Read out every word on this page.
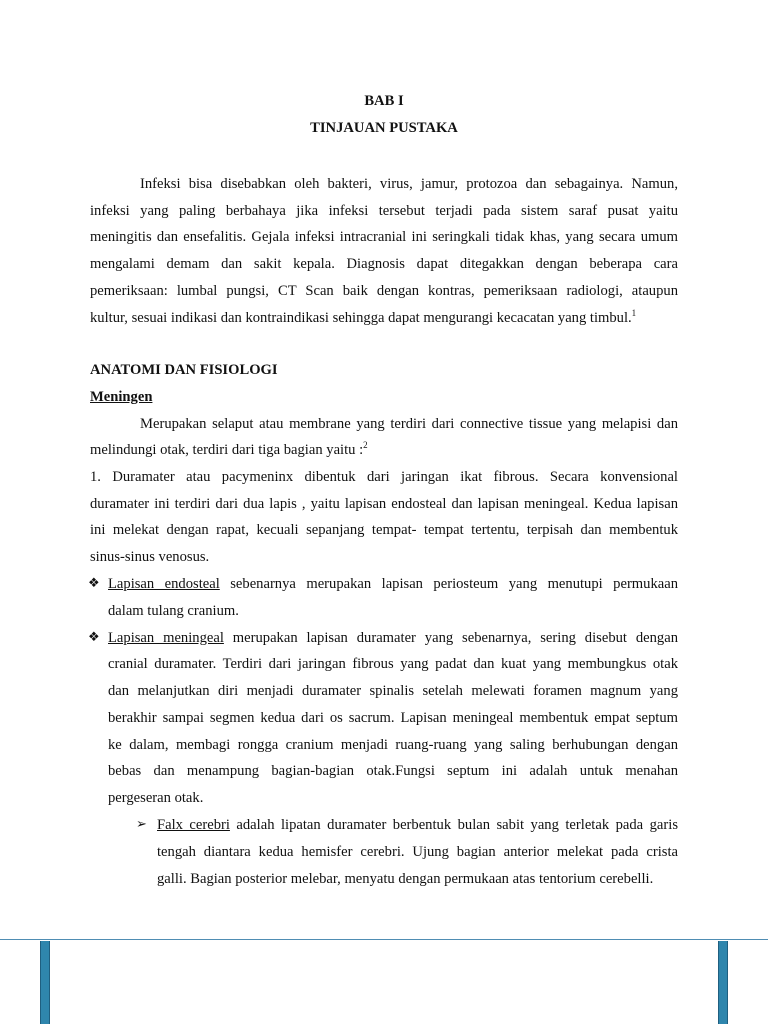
BAB I
TINJAUAN PUSTAKA
Infeksi bisa disebabkan oleh bakteri, virus, jamur, protozoa dan sebagainya. Namun,
infeksi yang paling berbahaya jika infeksi tersebut terjadi pada sistem saraf pusat yaitu
meningitis dan ensefalitis. Gejala infeksi intracranial ini seringkali tidak khas, yang secara umum
mengalami demam dan sakit kepala. Diagnosis dapat ditegakkan dengan beberapa cara
pemeriksaan: lumbal pungsi, CT Scan baik dengan kontras, pemeriksaan radiologi, ataupun
kultur, sesuai indikasi dan kontraindikasi sehingga dapat mengurangi kecacatan yang timbul.$^1$
ANATOMI DAN FISIOLOGI
Meningen
Merupakan selaput atau membrane yang terdiri dari connective tissue yang melapisi dan
melindungi otak, terdiri dari tiga bagian yaitu :$^2$
1. Duramater atau pacymeninx dibentuk dari jaringan ikat fibrous. Secara konvensional
duramater ini terdiri dari dua lapis , yaitu lapisan endosteal dan lapisan meningeal. Kedua lapisan
ini melekat dengan rapat, kecuali sepanjang tempat- tempat tertentu, terpisah dan membentuk
sinus-sinus venosus.
❖ Lapisan endosteal sebenarnya merupakan lapisan periosteum yang menutupi permukaan
dalam tulang cranium.
❖ Lapisan meningeal merupakan lapisan duramater yang sebenarnya, sering disebut dengan
cranial duramater. Terdiri dari jaringan fibrous yang padat dan kuat yang membungkus otak
dan melanjutkan diri menjadi duramater spinalis setelah melewati foramen magnum yang
berakhir sampai segmen kedua dari os sacrum. Lapisan meningeal membentuk empat septum
ke dalam, membagi rongga cranium menjadi ruang-ruang yang saling berhubungan dengan
bebas dan menampung bagian-bagian otak.Fungsi septum ini adalah untuk menahan
pergeseran otak.
➢ Falx cerebri adalah lipatan duramater berbentuk bulan sabit yang terletak pada garis
tengah diantara kedua hemisfer cerebri. Ujung bagian anterior melekat pada crista
galli. Bagian posterior melebar, menyatu dengan permukaan atas tentorium cerebelli.
